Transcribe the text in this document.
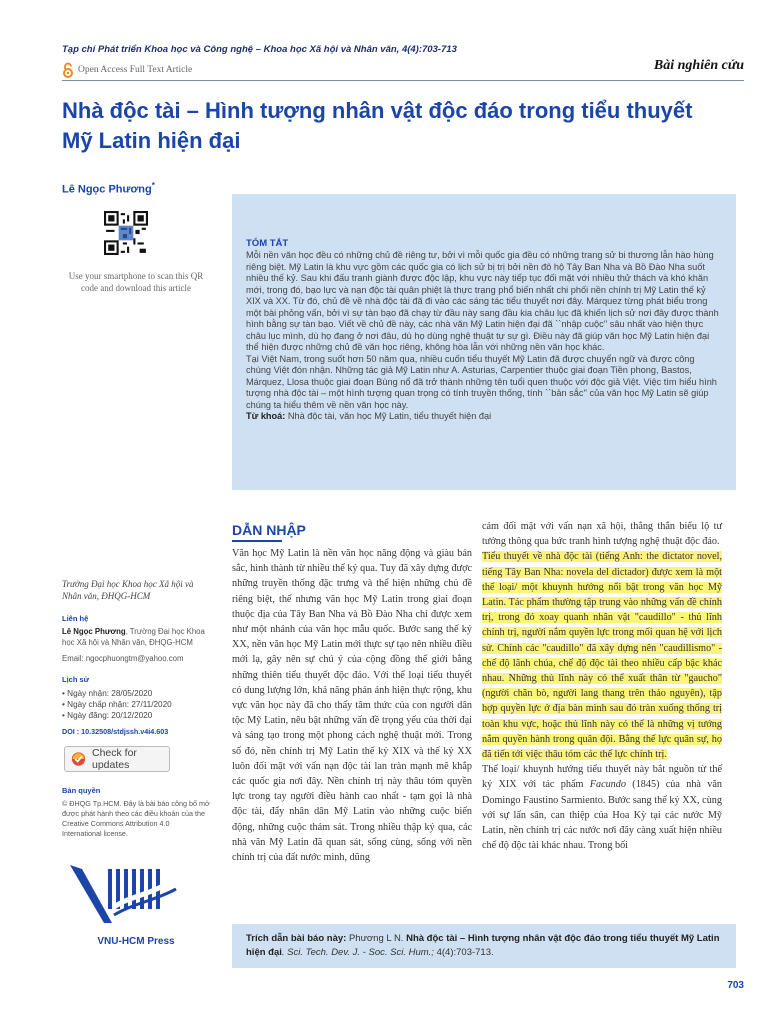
Tạp chí Phát triển Khoa học và Công nghệ – Khoa học Xã hội và Nhân văn, 4(4):703-713
Open Access Full Text Article	Bài nghiên cứu
Nhà độc tài – Hình tượng nhân vật độc đáo trong tiểu thuyết Mỹ Latin hiện đại
Lê Ngọc Phương*
Use your smartphone to scan this QR code and download this article
TÓM TẮT

Mỗi nền văn học đều có những chủ đề riêng tư, bởi vì mỗi quốc gia đều có những trang sử bi thương lẫn hào hùng riêng biệt. Mỹ Latin là khu vực gồm các quốc gia có lịch sử bị trị bởi nền đô hộ Tây Ban Nha và Bồ Đào Nha suốt nhiều thế kỷ. Sau khi đấu tranh giành được độc lập, khu vực này tiếp tục đối mặt với nhiều thử thách và khó khăn mới, trong đó, bạo lực và nạn độc tài quân phiệt là thực trạng phổ biến nhất chi phối nền chính trị Mỹ Latin thế kỷ XIX và XX. Từ đó, chủ đề về nhà độc tài đã đi vào các sáng tác tiểu thuyết nơi đây. Márquez từng phát biểu trong một bài phỏng vấn, bởi vì sự tàn bạo đã chạy từ đầu này sang đầu kia châu lục đã khiến lịch sử nơi đây được thành hình bằng sự tàn bạo. Viết về chủ đề này, các nhà văn Mỹ Latin hiện đại đã ``nhập cuộc'' sâu nhất vào hiện thực châu lục mình, dù họ đang ở nơi đâu, dù họ dùng nghệ thuật tự sự gì. Điều này đã giúp văn học Mỹ Latin hiện đại thể hiện được những chủ đề văn học riêng, không hòa lẫn với những nền văn học khác.

Tại Việt Nam, trong suốt hơn 50 năm qua, nhiều cuốn tiểu thuyết Mỹ Latin đã được chuyển ngữ và được công chúng Việt đón nhận. Những tác giả Mỹ Latin như A. Asturias, Carpentier thuộc giai đoạn Tiền phong, Bastos, Márquez, Llosa thuộc giai đoạn Bùng nổ đã trở thành những tên tuổi quen thuộc với độc giả Việt. Việc tìm hiểu hình tượng nhà độc tài – một hình tượng quan trọng có tính truyền thống, tính ``bản sắc'' của văn học Mỹ Latin sẽ giúp chúng ta hiểu thêm về nền văn học này.

Từ khoá: Nhà độc tài, văn học Mỹ Latin, tiểu thuyết hiện đại

Trường Đại học Khoa học Xã hội và Nhân văn, ĐHQG-HCM
Liên hệ
Lê Ngọc Phương, Trường Đại học Khoa học Xã hội và Nhân văn, ĐHQG-HCM
Email: ngocphuongtm@yahoo.com
Lịch sử
• Ngày nhận: 28/05/2020
• Ngày chấp nhận: 27/11/2020
• Ngày đăng: 20/12/2020
DOI : 10.32508/stdjssh.v4i4.603
Check for updates
Bản quyền
© ĐHQG Tp.HCM. Đây là bài báo công bố mở được phát hành theo các điều khoản của the Creative Commons Attribution 4.0 International license.
VNU-HCM Press
DẪN NHẬP

Văn học Mỹ Latin là nền văn học năng động và giàu bản sắc, hình thành từ nhiều thế kỷ qua. Tuy đã xây dựng được những truyền thống đặc trưng và thể hiện những chủ đề riêng biệt, thế nhưng văn học Mỹ Latin trong giai đoạn thuộc địa của Tây Ban Nha và Bồ Đào Nha chỉ được xem như một nhánh của văn học mẫu quốc. Bước sang thế kỷ XX, nền văn học Mỹ Latin mới thực sự tạo nên nhiều điều mới lạ, gây nên sự chú ý của cộng đồng thế giới bằng những thiên tiểu thuyết độc đáo. Với thể loại tiểu thuyết có dung lượng lớn, khả năng phản ánh hiện thực rộng, khu vực văn học này đã cho thấy tâm thức của con người dân tộc Mỹ Latin, nêu bật những vấn đề trọng yếu của thời đại và sáng tạo trong một phong cách nghệ thuật mới. Trong số đó, nền chính trị Mỹ Latin thế kỷ XIX và thế kỷ XX luôn đối mặt với vấn nạn độc tài lan tràn mạnh mẽ khắp các quốc gia nơi đây. Nền chính trị này thâu tóm quyền lực trong tay người điều hành cao nhất - tạm gọi là nhà độc tài, đẩy nhân dân Mỹ Latin vào những cuộc biến động, những cuộc thảm sát. Trong nhiều thập kỷ qua, các nhà văn Mỹ Latin đã quan sát, sống cùng, sống với nền chính trị của đất nước mình, dũng

cảm đối mặt với vấn nạn xã hội, thẳng thắn biểu lộ tư tưởng thông qua bức tranh hình tượng nghệ thuật độc đáo.

Tiểu thuyết về nhà độc tài (tiếng Anh: the dictator novel, tiếng Tây Ban Nha: novela del dictador) được xem là một thể loại/ một khuynh hướng nổi bật trong văn học Mỹ Latin. Tác phẩm thường tập trung vào những vấn đề chính trị, trong đó xoay quanh nhân vật "caudillo" - thủ lĩnh chính trị, người nắm quyền lực trong mối quan hệ với lịch sử. Chính các "caudillo" đã xây dựng nên "caudillismo" - chế độ lãnh chúa, chế độ độc tài theo nhiều cấp bậc khác nhau. Những thủ lĩnh này có thể xuất thân từ "gaucho" (người chăn bò, người lang thang trên thảo nguyên), tập hợp quyền lực ở địa bàn mình sau đó tràn xuống thống trị toàn khu vực, hoặc thủ lĩnh này có thể là những vị tướng nắm quyền hành trong quân đội. Bằng thế lực quân sự, họ đã tiến tới việc thâu tóm các thế lực chính trị.

Thể loại/ khuynh hướng tiểu thuyết này bắt nguồn từ thế kỷ XIX với tác phẩm Facundo (1845) của nhà văn Domingo Faustino Sarmiento. Bước sang thế kỷ XX, cùng với sự lấn sân, can thiệp của Hoa Kỳ tại các nước Mỹ Latin, nền chính trị các nước nơi đây càng xuất hiện nhiều chế độ độc tài khác nhau. Trong bối

Trích dẫn bài báo này: Phương L N. Nhà độc tài – Hình tượng nhân vật độc đáo trong tiểu thuyết Mỹ Latin hiện đại. Sci. Tech. Dev. J. - Soc. Sci. Hum.; 4(4):703-713.
703
